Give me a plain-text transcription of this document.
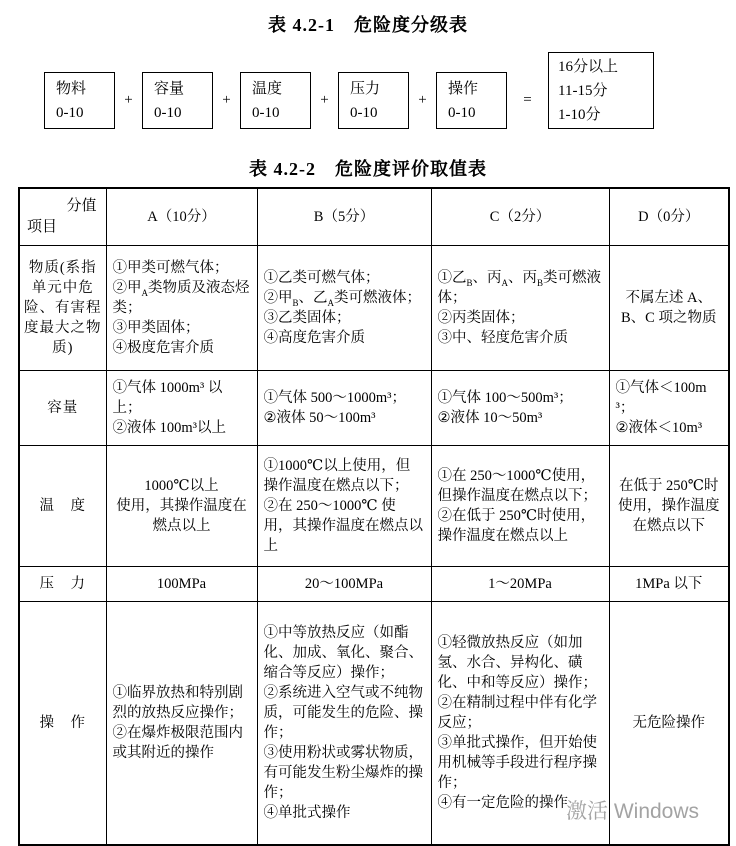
表 4.2-1　危险度分级表
物料
0-10
+
容量
0-10
+
温度
0-10
+
压力
0-10
+
操作
0-10
=
16分以上
11-15分
1-10分
表 4.2-2　危险度评价取值表
分值
项目	A（10分）	B（5分）	C（2分）	D（0分）
物质(系指单元中危险、有害程度最大之物质)	①甲类可燃气体；
②甲$_A$类物质及液态烃类；
③甲类固体；
④极度危害介质	①乙类可燃气体；
②甲$_B$、乙$_A$类可燃液体；
③乙类固体；
④高度危害介质	①乙$_B$、丙$_A$、丙$_B$类可燃液体；
②丙类固体；
③中、轻度危害介质	不属左述 A、B、C 项之物质
容量	①气体 1000m³ 以上；
②液体 100m³以上	①气体 500～1000m³；
②液体 50～100m³	①气体 100～500m³；
②液体 10～50m³	①气体＜100m³；
②液体＜10m³
温　度	1000℃以上
使用，其操作温度在燃点以上	①1000℃以上使用，但操作温度在燃点以下；
②在 250～1000℃ 使用，其操作温度在燃点以上	①在 250～1000℃使用，但操作温度在燃点以下；
②在低于 250℃时使用，操作温度在燃点以上	在低于 250℃时使用，操作温度在燃点以下
压　力	100MPa	20～100MPa	1～20MPa	1MPa 以下
操　作	①临界放热和特别剧烈的放热反应操作；
②在爆炸极限范围内或其附近的操作	①中等放热反应（如酯化、加成、氧化、聚合、缩合等反应）操作；
②系统进入空气或不纯物质，可能发生的危险、操作；
③使用粉状或雾状物质，有可能发生粉尘爆炸的操作；
④单批式操作	①轻微放热反应（如加氢、水合、异构化、磺化、中和等反应）操作；
②在精制过程中伴有化学反应；
③单批式操作，但开始使用机械等手段进行程序操作；
④有一定危险的操作	无危险操作
激活 Windows
